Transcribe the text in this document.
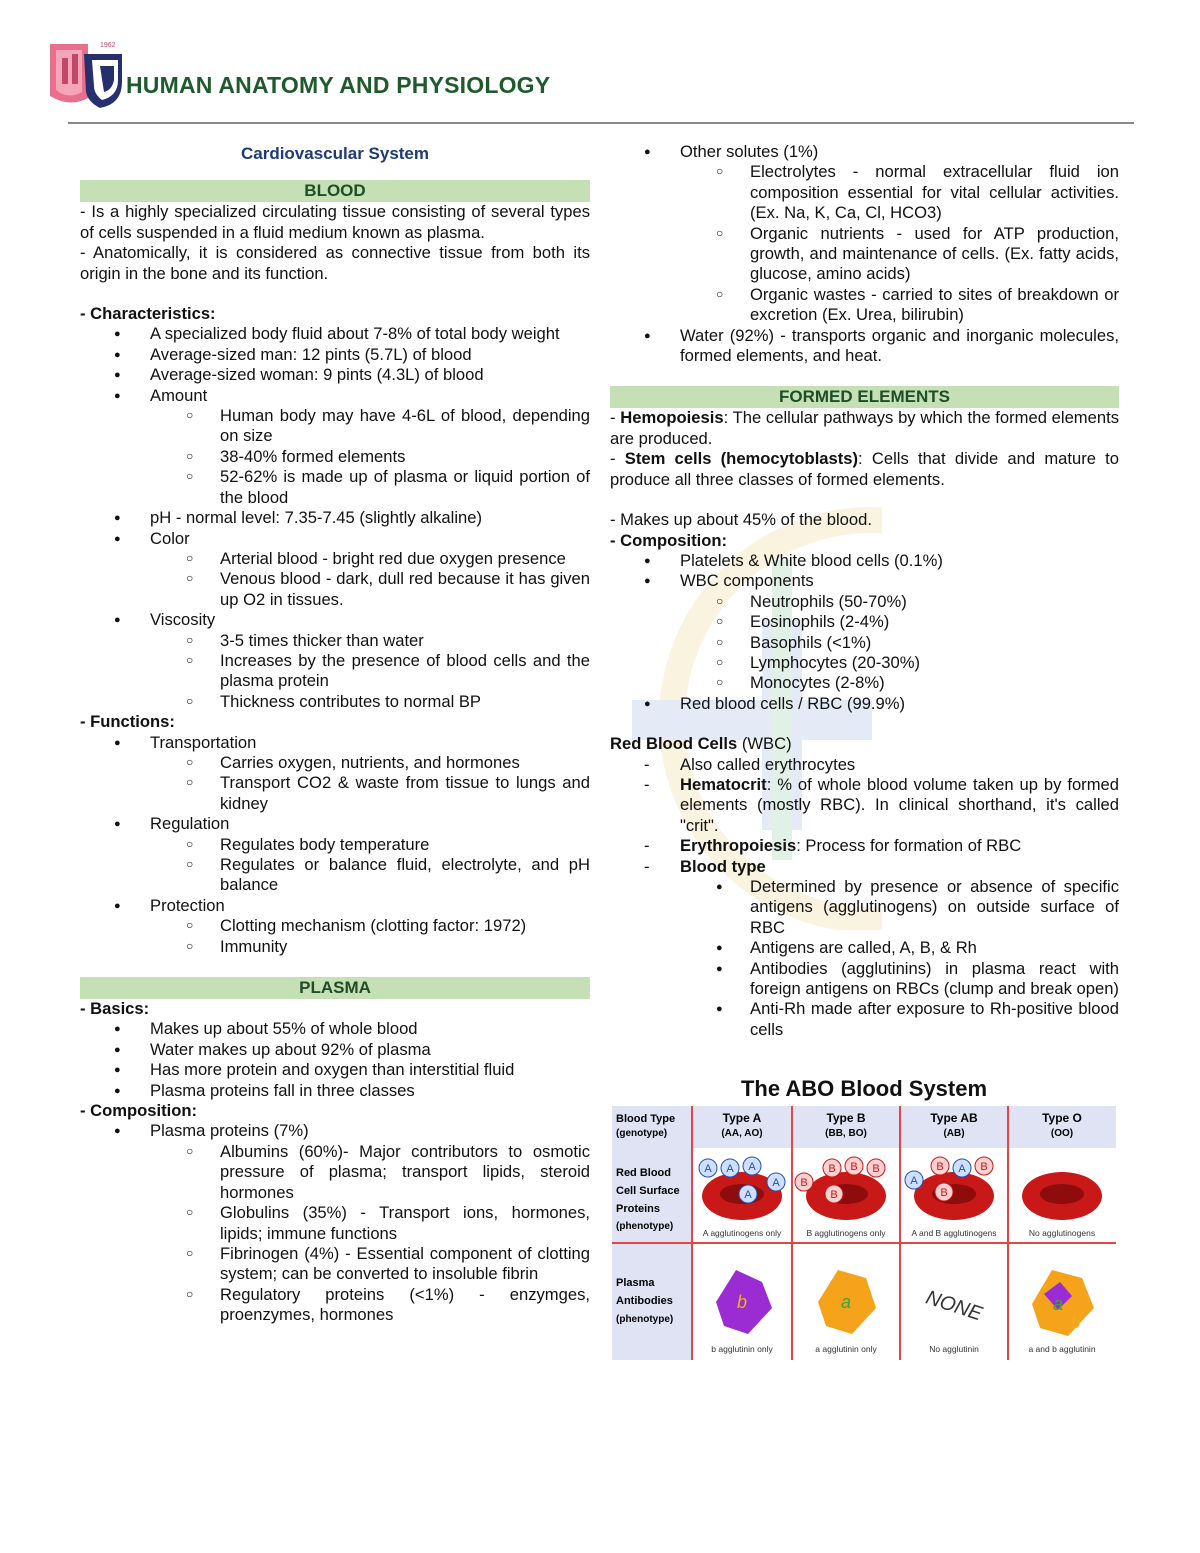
1962
HUMAN ANATOMY AND PHYSIOLOGY
Cardiovascular System
BLOOD

- Is a highly specialized circulating tissue consisting of several types of cells suspended in a fluid medium known as plasma.

- Anatomically, it is considered as connective tissue from both its origin in the bone and its function.

- Characteristics:
● A specialized body fluid about 7-8% of total body weight
● Average-sized man: 12 pints (5.7L) of blood
● Average-sized woman: 9 pints (4.3L) of blood
● Amount
○ Human body may have 4-6L of blood, depending on size
○ 38-40% formed elements
○ 52-62% is made up of plasma or liquid portion of the blood
● pH - normal level: 7.35-7.45 (slightly alkaline)
● Color
○ Arterial blood - bright red due oxygen presence
○ Venous blood - dark, dull red because it has given up O2 in tissues.
● Viscosity
○ 3-5 times thicker than water
○ Increases by the presence of blood cells and the plasma protein
○ Thickness contributes to normal BP
- Functions:
● Transportation
○ Carries oxygen, nutrients, and hormones
○ Transport CO2 & waste from tissue to lungs and kidney
● Regulation
○ Regulates body temperature
○ Regulates or balance fluid, electrolyte, and pH balance
● Protection
○ Clotting mechanism (clotting factor: 1972)
○ Immunity
PLASMA
- Basics:
● Makes up about 55% of whole blood
● Water makes up about 92% of plasma
● Has more protein and oxygen than interstitial fluid
● Plasma proteins fall in three classes
- Composition:
● Plasma proteins (7%)
○ Albumins (60%)- Major contributors to osmotic pressure of plasma; transport lipids, steroid hormones
○ Globulins (35%) - Transport ions, hormones, lipids; immune functions
○ Fibrinogen (4%) - Essential component of clotting system; can be converted to insoluble fibrin
○ Regulatory proteins (<1%) - enzymges, proenzymes, hormones
● Other solutes (1%)
○ Electrolytes - normal extracellular fluid ion composition essential for vital cellular activities. (Ex. Na, K, Ca, Cl, HCO3)
○ Organic nutrients - used for ATP production, growth, and maintenance of cells. (Ex. fatty acids, glucose, amino acids)
○ Organic wastes - carried to sites of breakdown or excretion (Ex. Urea, bilirubin)
● Water (92%) - transports organic and inorganic molecules, formed elements, and heat.
FORMED ELEMENTS

- Hemopoiesis: The cellular pathways by which the formed elements are produced.

- Stem cells (hemocytoblasts): Cells that divide and mature to produce all three classes of formed elements.

- Makes up about 45% of the blood.

- Composition:
● Platelets & White blood cells (0.1%)
● WBC components
○ Neutrophils (50-70%)
○ Eosinophils (2-4%)
○ Basophils (<1%)
○ Lymphocytes (20-30%)
○ Monocytes (2-8%)
● Red blood cells / RBC (99.9%)
Red Blood Cells (WBC)
- Also called erythrocytes
- Hematocrit: % of whole blood volume taken up by formed elements (mostly RBC). In clinical shorthand, it's called "crit".
- Erythropoiesis: Process for formation of RBC
- Blood type
● Determined by presence or absence of specific antigens (agglutinogens) on outside surface of RBC
● Antigens are called, A, B, & Rh
● Antibodies (agglutinins) in plasma react with foreign antigens on RBCs (clump and break open)
● Anti-Rh made after exposure to Rh-positive blood cells
The ABO Blood System
Blood Type
(genotype)
Red Blood
Cell Surface
Proteins
(phenotype)
Plasma
Antibodies
(phenotype)
Type A
(AA, AO)
A A A
A
A
A agglutinogens only
b
b agglutinin only
Type B
(BB, BO)
B B B
B
B
B agglutinogens only
a
a agglutinin only
Type AB
(AB)
B A B
A
B
A and B agglutinogens
NONE
No agglutinin
Type O
(OO)
No agglutinogens
a
b
a and b agglutinin
